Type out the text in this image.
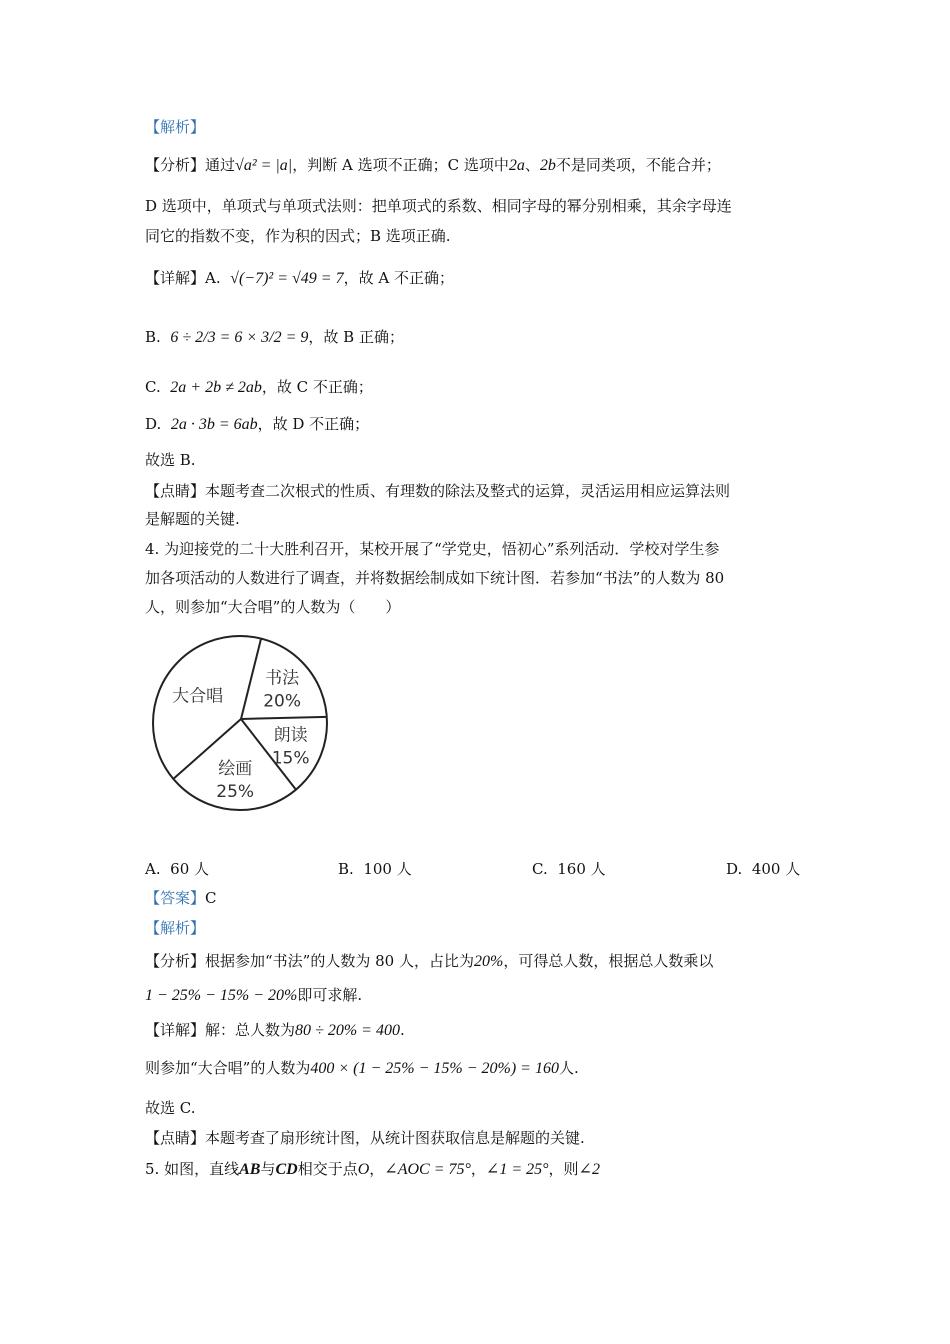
【解析】
【分析】通过√a² = |a|，判断 A 选项不正确；C 选项中2a、2b不是同类项，不能合并；
D 选项中，单项式与单项式法则：把单项式的系数、相同字母的幂分别相乘，其余字母连
同它的指数不变，作为积的因式；B 选项正确.
【详解】A. √(−7)² = √49 = 7，故 A 不正确；
B. 6 ÷ 2/3 = 6 × 3/2 = 9，故 B 正确；
C. 2a + 2b ≠ 2ab，故 C 不正确；
D. 2a · 3b = 6ab，故 D 不正确；
故选 B.
【点睛】本题考查二次根式的性质、有理数的除法及整式的运算，灵活运用相应运算法则
是解题的关键.
4. 为迎接党的二十大胜利召开，某校开展了“学党史，悟初心”系列活动．学校对学生参
加各项活动的人数进行了调查，并将数据绘制成如下统计图．若参加“书法”的人数为 80
人，则参加“大合唱”的人数为（　　）
书法
20%
朗读
15%
绘画
25%
大合唱
A. 60 人	B. 100 人	C. 160 人	D. 400 人
【答案】C
【解析】
【分析】根据参加“书法”的人数为 80 人，占比为20%，可得总人数，根据总人数乘以
1 − 25% − 15% − 20%即可求解.
【详解】解：总人数为80 ÷ 20% = 400.
则参加“大合唱”的人数为400 × (1 − 25% − 15% − 20%) = 160人.
故选 C.
【点睛】本题考查了扇形统计图，从统计图获取信息是解题的关键.
5. 如图，直线AB与CD相交于点O，∠AOC = 75°，∠1 = 25°，则∠2
